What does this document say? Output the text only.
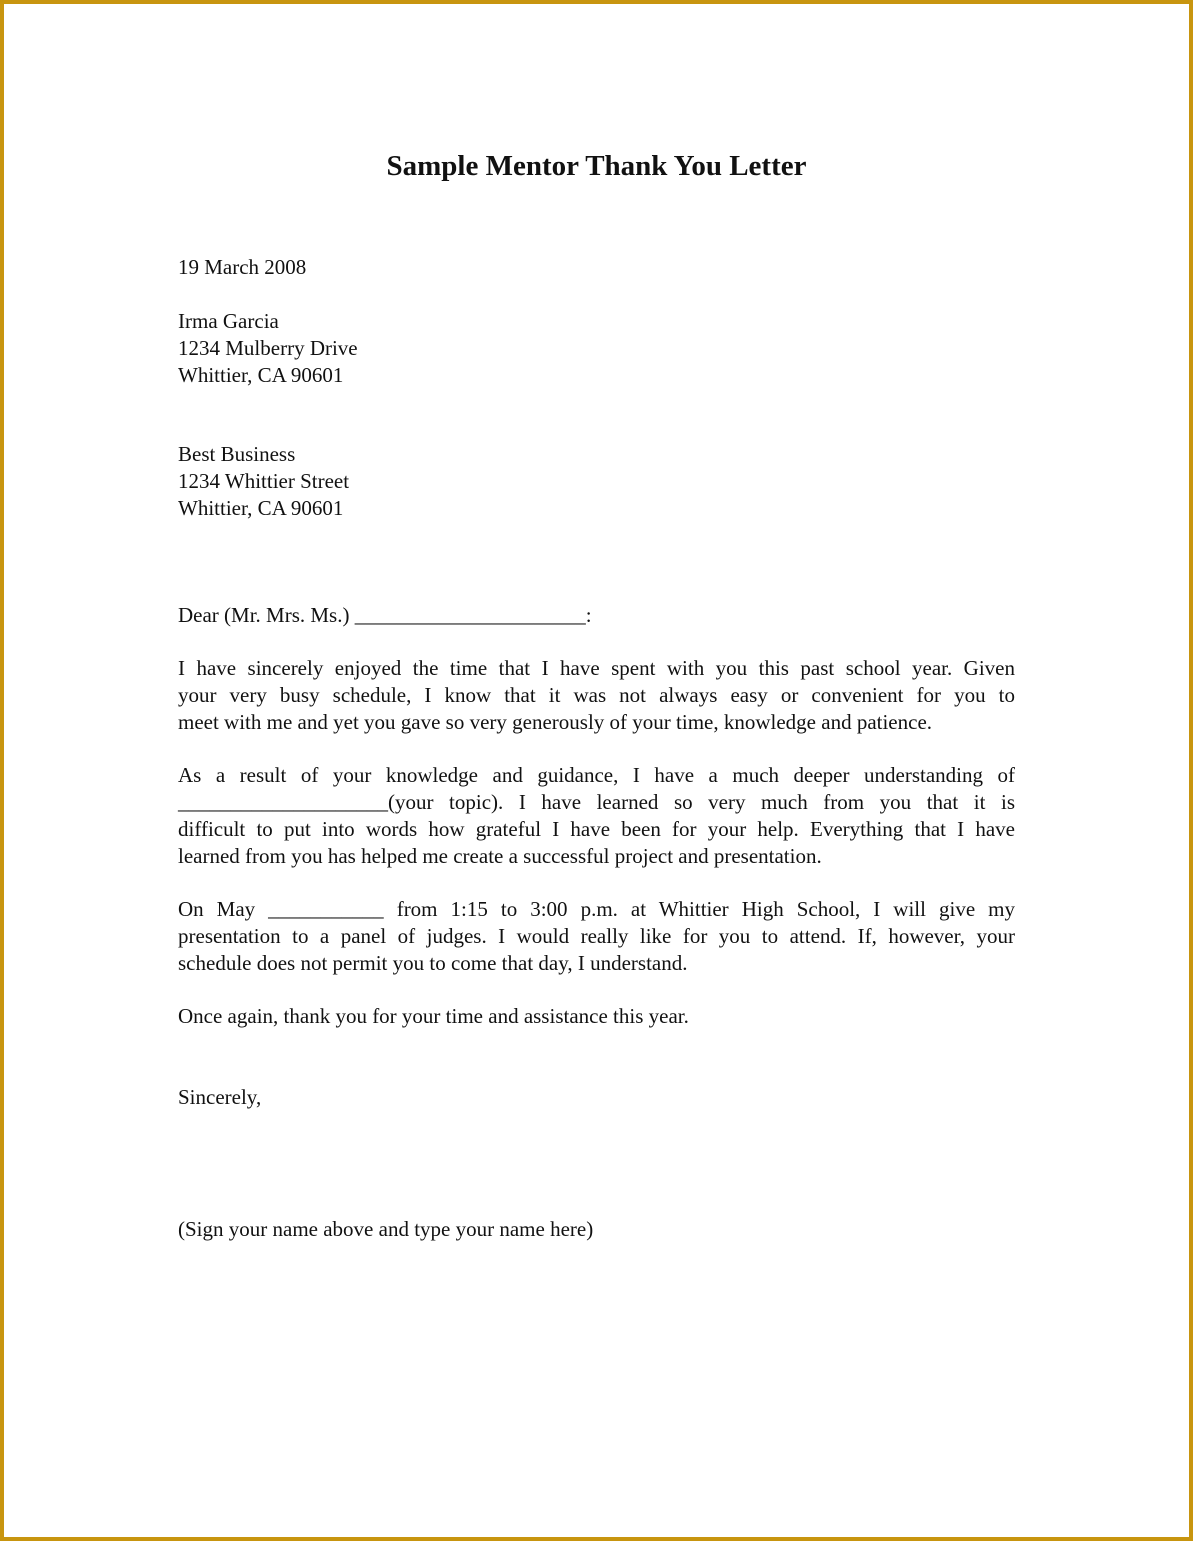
Sample Mentor Thank You Letter
19 March 2008
Irma Garcia
1234 Mulberry Drive
Whittier, CA 90601
Best Business
1234 Whittier Street
Whittier, CA 90601
Dear (Mr. Mrs. Ms.) ______________________:
I have sincerely enjoyed the time that I have spent with you this past school year. Given
your very busy schedule, I know that it was not always easy or convenient for you to
meet with me and yet you gave so very generously of your time, knowledge and patience.
As a result of your knowledge and guidance, I have a much deeper understanding of
____________________(your topic). I have learned so very much from you that it is
difficult to put into words how grateful I have been for your help. Everything that I have
learned from you has helped me create a successful project and presentation.
On May ___________ from 1:15 to 3:00 p.m. at Whittier High School, I will give my
presentation to a panel of judges. I would really like for you to attend. If, however, your
schedule does not permit you to come that day, I understand.
Once again, thank you for your time and assistance this year.
Sincerely,
(Sign your name above and type your name here)
